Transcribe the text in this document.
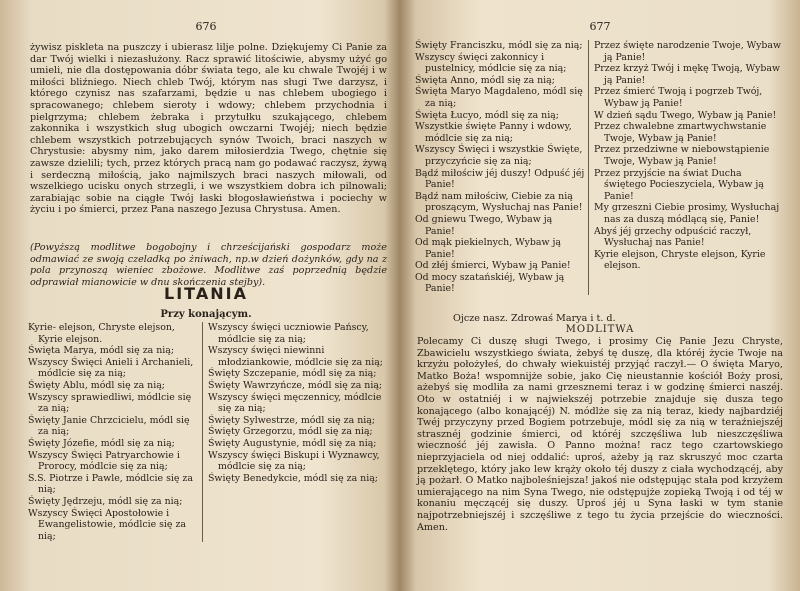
676
żywisz piskletа na puszczy i ubierasz lilje polne. Dziękujemy Ci Panie za dar Twój wielki i niezasłużony. Racz sprawić litościwie, abysmy użyć go umieli, nie dla dostępowania dóbr świata tego, ale ku chwale Twojéj i w miłości bliźniego. Niech chleb Twój, którym nas sługi Twe darzysz, i którego czynisz nas szafarzami, będzie u nas chlebem ubogiego i spracowanego; chlebem sieroty i wdowy; chlebem przychodnia i pielgrzyma; chlebem żebraka i przytułku szukającego, chlebem zakonnika i wszystkich sług ubogich owczarni Twojéj; niech będzie chlebem wszystkich potrzebujących synów Twoich, braci naszych w Chrystusie: abysmy nim, jako darem miłosierdzia Twego, chętnie się zawsze dzielili; tych, przez których pracą nam go podawać raczysz, żywą i serdeczną miłością, jako najmilszych braci naszych miłowali, od wszelkiego ucisku onych strzegli, i we wszystkiem dobra ich pilnowali; zarabiając sobie na ciągłe Twój łaski błogosławieństwa i pociechy w życiu i po śmierci, przez Pana naszego Jezusa Chrystusa. Amen.
(Powyższą modlitwe bogobojny i chrześcijański gospodarz może odmawiać ze swoją czeladką po żniwach, np.w dzień dożynków, gdy na z pola przynoszą wieniec zbożowe. Modlitwe zaś poprzednią będzie odprawiał mianowicie w dnu skończenia stejby).
LITANIA
Przy konającym.
Kyrie- elejson, Chryste elejson, Kyrie elejson.
Święta Marya, módl się za nią;
Wszyscy Święci Anieli i Archanieli, módlcie się za nią;
Święty Ablu, módl się za nią;
Wszyscy sprawiedliwi, módlcie się za nią;
Święty Janie Chrzcicielu, módl się za nią;
Święty Józefie, módl się za nią;
Wszyscy Święci Patryarchowie i Prorocy, módlcie się za nią;
S.S. Piotrze i Pawle, módlcie się za nią;
Święty Jędrzeju, módl się za nią;
Wszyscy Święci Apostołowie i Ewangelistowie, módlcie się za nią;
Wszyscy święci uczniowie Pańscy, módlcie się za nią;
Wszyscy święci niewinni młodziankowie, módlcie się za nią;
Święty Szczepanie, módl się za nią;
Święty Wawrzyńcze, módl się za nią;
Wszyscy święci męczennicy, módlcie się za nią;
Święty Sylwestrze, módl się za nią;
Święty Grzegorzu, módl się za nią;
Święty Augustynie, módl się za nią;
Wszyscy święci Biskupi i Wyznawcy, módlcie się za nią;
Święty Benedykcie, módl się za nią;
677
Święty Franciszku, módl się za nią;
Wszyscy święci zakonnicy i pustelnicy, módlcie się za nią;
Święta Anno, módl się za nią;
Święta Maryo Magdaleno, módl się za nią;
Święta Łucyo, módl się za nią;
Wszystkie święte Panny i wdowy, módlcie się za nią;
Wszyscy Święci i wszystkie Święte, przyczyńcie się za nią;
Bądź miłościw jéj duszy! Odpuść jéj Panie!
Bądź nam miłościw, Ciebie za nią proszącym, Wysłuchaj nas Panie!
Od gniewu Twego, Wybaw ją Panie!
Od mąk piekielnych, Wybaw ją Panie!
Od złéj śmierci, Wybaw ją Panie!
Od mocy szatańskiéj, Wybaw ją Panie!
Przez święte narodzenie Twoje, Wybaw ją Panie!
Przez krzyż Twój i mękę Twoją, Wybaw ją Panie!
Przez śmierć Twoją i pogrzeb Twój, Wybaw ją Panie!
W dzień sądu Twego, Wybaw ją Panie!
Przez chwalebne zmartwychwstanie Twoje, Wybaw ją Panie!
Przez przedziwne w niebowstąpienie Twoje, Wybaw ją Panie!
Przez przyjście na świat Ducha świętego Pocieszyciela, Wybaw ją Panie!
My grzeszni Ciebie prosimy, Wysłuchaj nas za duszą módlącą się, Panie!
Abyś jéj grzechy odpuścić raczył, Wysłuchaj nas Panie!
Kyrie elejson, Chryste elejson, Kyrie elejson.
Ojcze nasz. Zdrowaś Marya i t. d.
MODLITWA
Polecamy Ci duszę sługi Twego, i prosimy Cię Panie Jezu Chryste, Zbawicielu wszystkiego świata, żebyś tę duszę, dla któréj życie Twoje na krzyżu położyłeś, do chwały wiekuistéj przyjąć raczył.— O święta Maryo, Matko Boża! wspomnijże sobie, jako Cię nieustannie kościół Boży prosi, ażebyś się modliła za nami grzesznemi teraz i w godzinę śmierci naszéj. Oto w ostatniéj i w najwiekszéj potrzebie znajduje się dusza tego konającego (albo konającéj) N. módlże się za nią teraz, kiedy najbardziéj Twéj przyczyny przed Bogiem potrzebuje, módl się za nią w teraźniejszéj strasznéj godzinie śmierci, od któréj szczęśliwa lub nieszczęśliwa wieczność jéj zawisła. O Panno można! racz tego czartowskiego nieprzyjaciela od niej oddalić: uproś, ażeby ją raz skruszyć moc czarta przeklętego, który jako lew krąży około téj duszy z ciała wychodzącéj, aby ją pożarł. O Matko najboleśniejsza! jakoś nie odstępując stała pod krzyżem umierającego na nim Syna Twego, nie odstępujże zopieką Twoją i od téj w konaniu męczącéj się duszy. Uproś jéj u Syna łaski w tym stanie najpotrzebniejszéj i szczęśliwe z tego tu życia przejście do wieczności. Amen.
